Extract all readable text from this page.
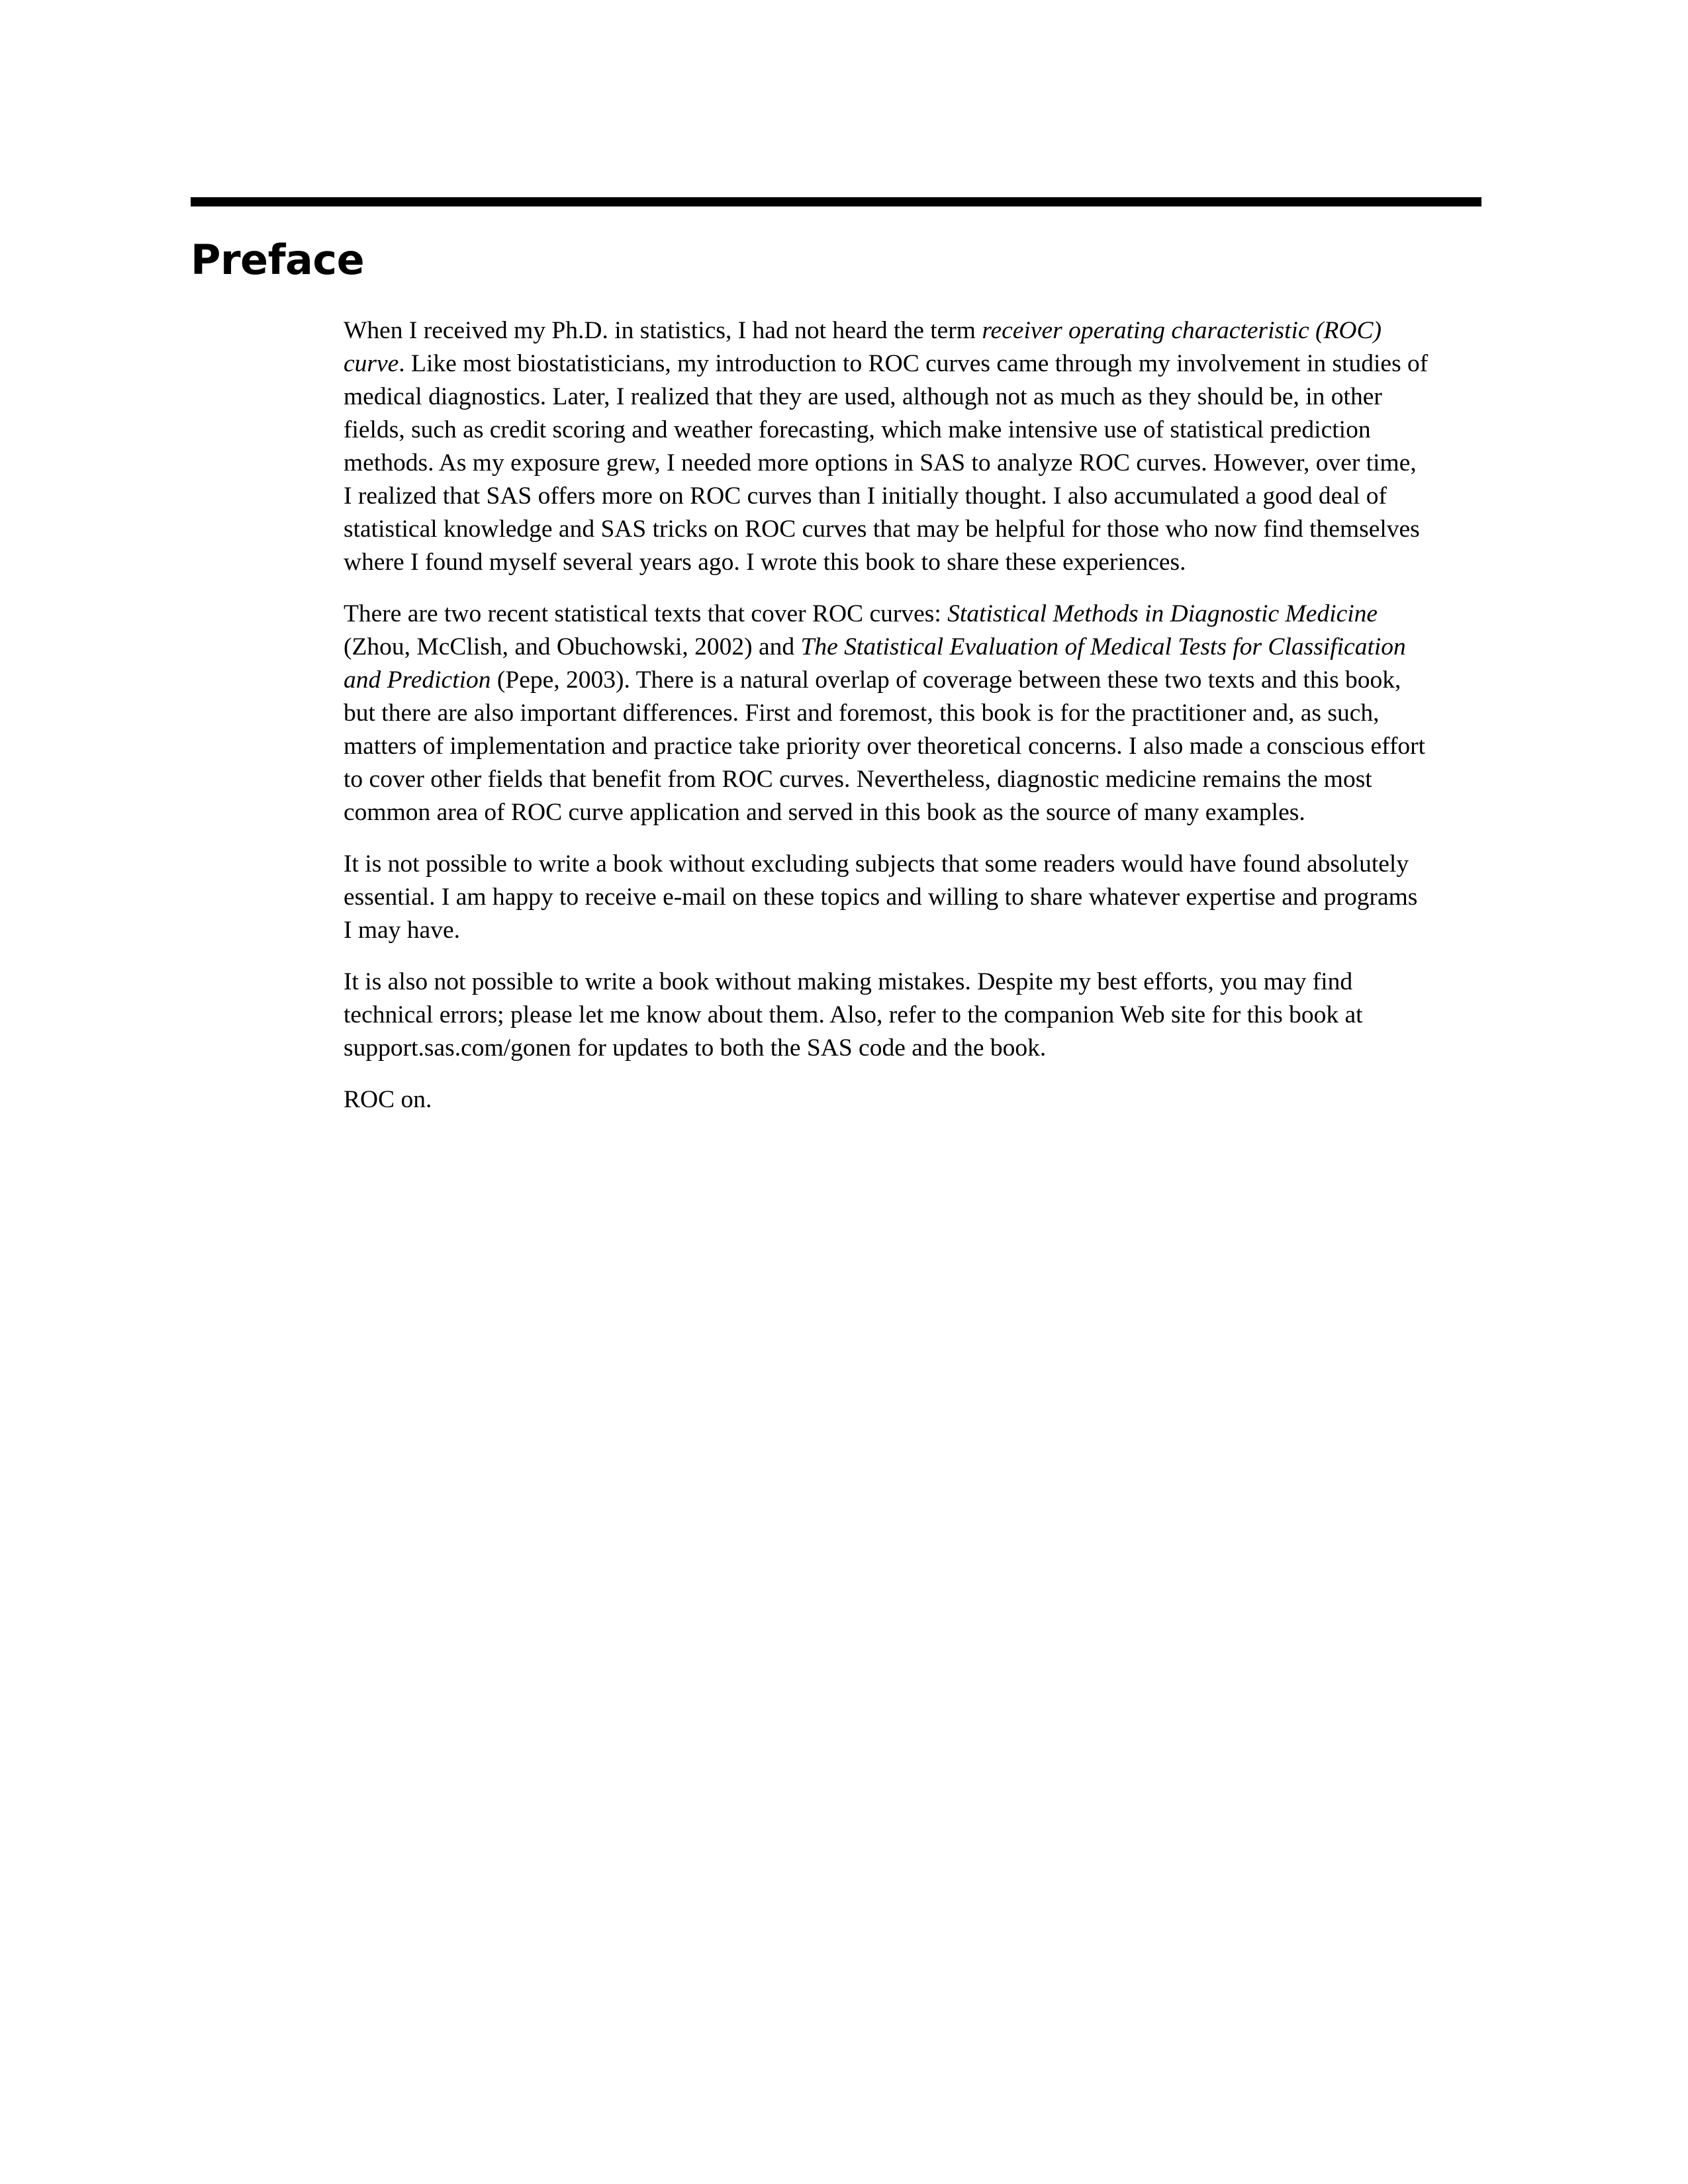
Preface

When I received my Ph.D. in statistics, I had not heard the term receiver operating characteristic (ROC) curve. Like most biostatisticians, my introduction to ROC curves came through my involvement in studies of medical diagnostics. Later, I realized that they are used, although not as much as they should be, in other fields, such as credit scoring and weather forecasting, which make intensive use of statistical prediction methods. As my exposure grew, I needed more options in SAS to analyze ROC curves. However, over time, I realized that SAS offers more on ROC curves than I initially thought. I also accumulated a good deal of statistical knowledge and SAS tricks on ROC curves that may be helpful for those who now find themselves where I found myself several years ago. I wrote this book to share these experiences.

There are two recent statistical texts that cover ROC curves: Statistical Methods in Diagnostic Medicine (Zhou, McClish, and Obuchowski, 2002) and The Statistical Evaluation of Medical Tests for Classification and Prediction (Pepe, 2003). There is a natural overlap of coverage between these two texts and this book, but there are also important differences. First and foremost, this book is for the practitioner and, as such, matters of implementation and practice take priority over theoretical concerns. I also made a conscious effort to cover other fields that benefit from ROC curves. Nevertheless, diagnostic medicine remains the most common area of ROC curve application and served in this book as the source of many examples.

It is not possible to write a book without excluding subjects that some readers would have found absolutely essential. I am happy to receive e-mail on these topics and willing to share whatever expertise and programs I may have.

It is also not possible to write a book without making mistakes. Despite my best efforts, you may find technical errors; please let me know about them. Also, refer to the companion Web site for this book at support.sas.com/gonen for updates to both the SAS code and the book.

ROC on.
